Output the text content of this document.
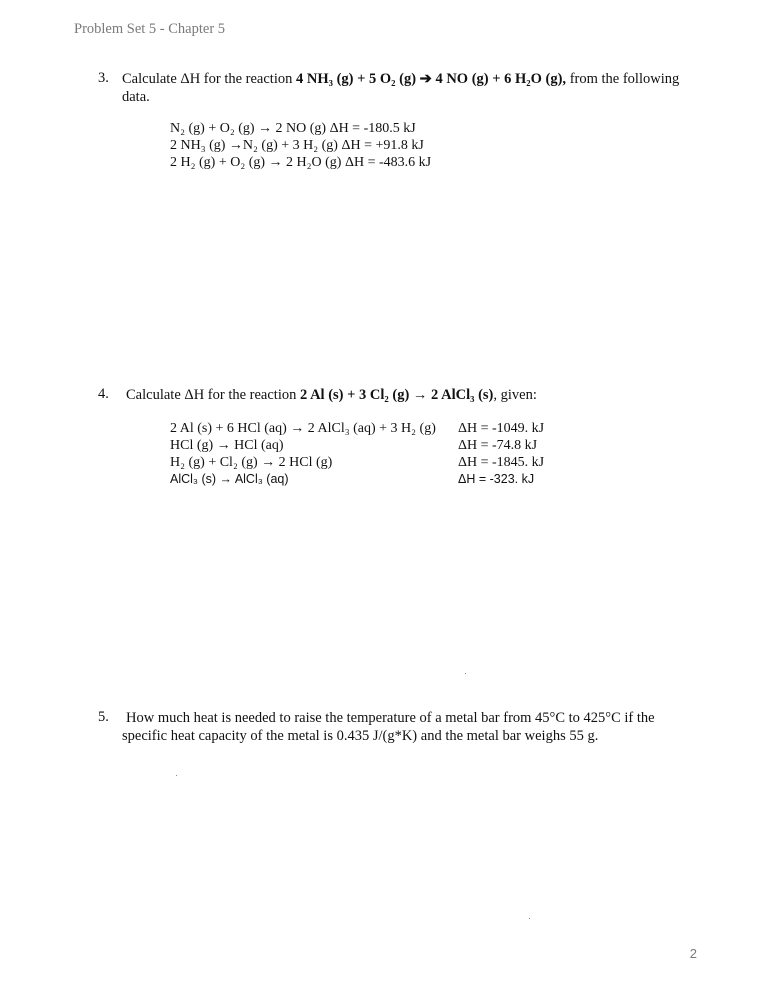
Problem Set 5 - Chapter 5
3. Calculate ΔH for the reaction 4 NH₃ (g) + 5 O₂ (g) ➔ 4 NO (g) + 6 H₂O (g), from the following
data.
N₂ (g) + O₂ (g) → 2 NO (g) ΔH = -180.5 kJ
2 NH₃ (g) →N₂ (g) + 3 H₂ (g) ΔH = +91.8 kJ
2 H₂ (g) + O₂ (g) → 2 H₂O (g) ΔH = -483.6 kJ
4. Calculate ΔH for the reaction 2 Al (s) + 3 Cl₂ (g) → 2 AlCl₃ (s), given:
2 Al (s) + 6 HCl (aq) → 2 AlCl₃ (aq) + 3 H₂ (g) ΔH = -1049. kJ
HCl (g) → HCl (aq)	ΔH = -74.8 kJ
H₂ (g) + Cl₂ (g) → 2 HCl (g)	ΔH = -1845. kJ
AlCl₃ (s) → AlCl₃ (aq)	ΔH = -323. kJ
5. How much heat is needed to raise the temperature of a metal bar from 45°C to 425°C if the
specific heat capacity of the metal is 0.435 J/(g*K) and the metal bar weighs 55 g.
2
